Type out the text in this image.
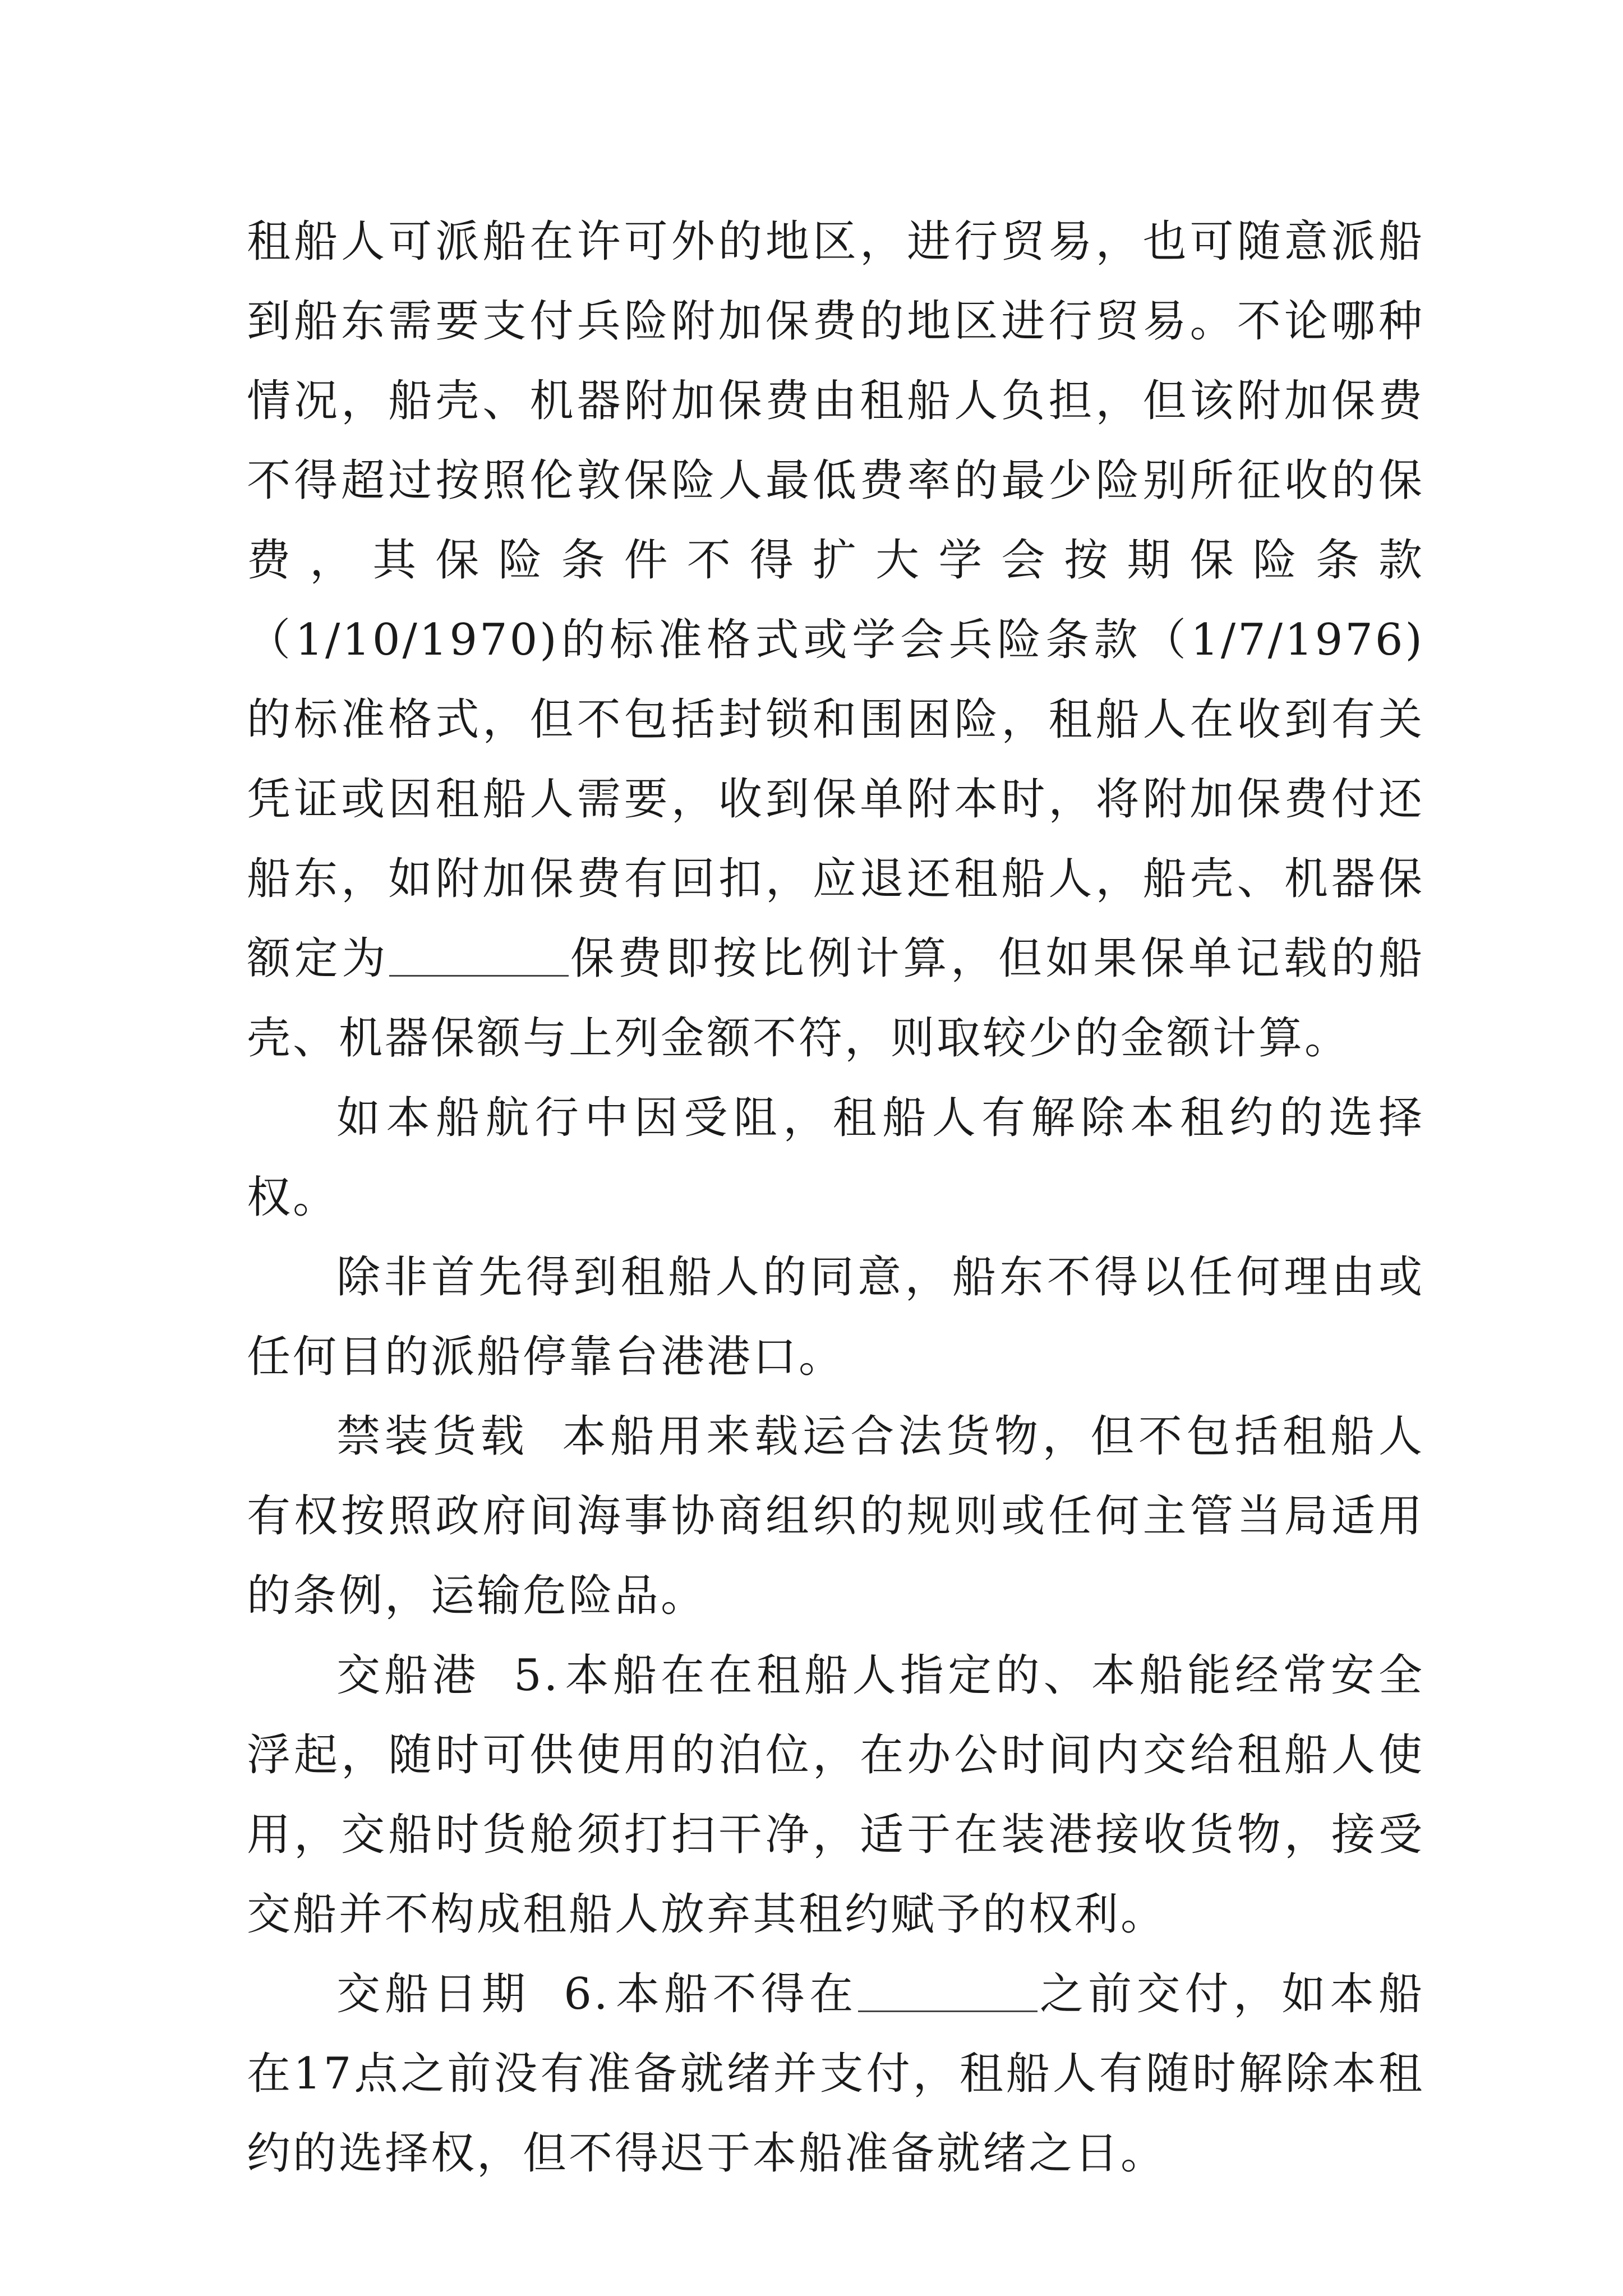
租船人可派船在许可外的地区，进行贸易，也可随意派船到船东需要支付兵险附加保费的地区进行贸易。不论哪种情况，船壳、机器附加保费由租船人负担，但该附加保费不得超过按照伦敦保险人最低费率的最少险别所征收的保费，其保险条件不得扩大学会按期保险条款（1/10/1970)的标准格式或学会兵险条款（1/7/1976)的标准格式，但不包括封锁和围困险，租船人在收到有关凭证或因租船人需要，收到保单附本时，将附加保费付还船东，如附加保费有回扣，应退还租船人，船壳、机器保额定为	保费即按比例计算，但如果保单记载的船壳、机器保额与上列金额不符，则取较少的金额计算。

如本船航行中因受阻，租船人有解除本租约的选择权。

除非首先得到租船人的同意，船东不得以任何理由或任何目的派船停靠台港港口。

禁装货载 本船用来载运合法货物，但不包括租船人有权按照政府间海事协商组织的规则或任何主管当局适用的条例，运输危险品。

交船港 5.本船在在租船人指定的、本船能经常安全浮起，随时可供使用的泊位，在办公时间内交给租船人使用，交船时货舱须打扫干净，适于在装港接收货物，接受交船并不构成租船人放弃其租约赋予的权利。

交船日期 6.本船不得在	之前交付，如本船在17点之前没有准备就绪并支付，租船人有随时解除本租约的选择权，但不得迟于本船准备就绪之日。
